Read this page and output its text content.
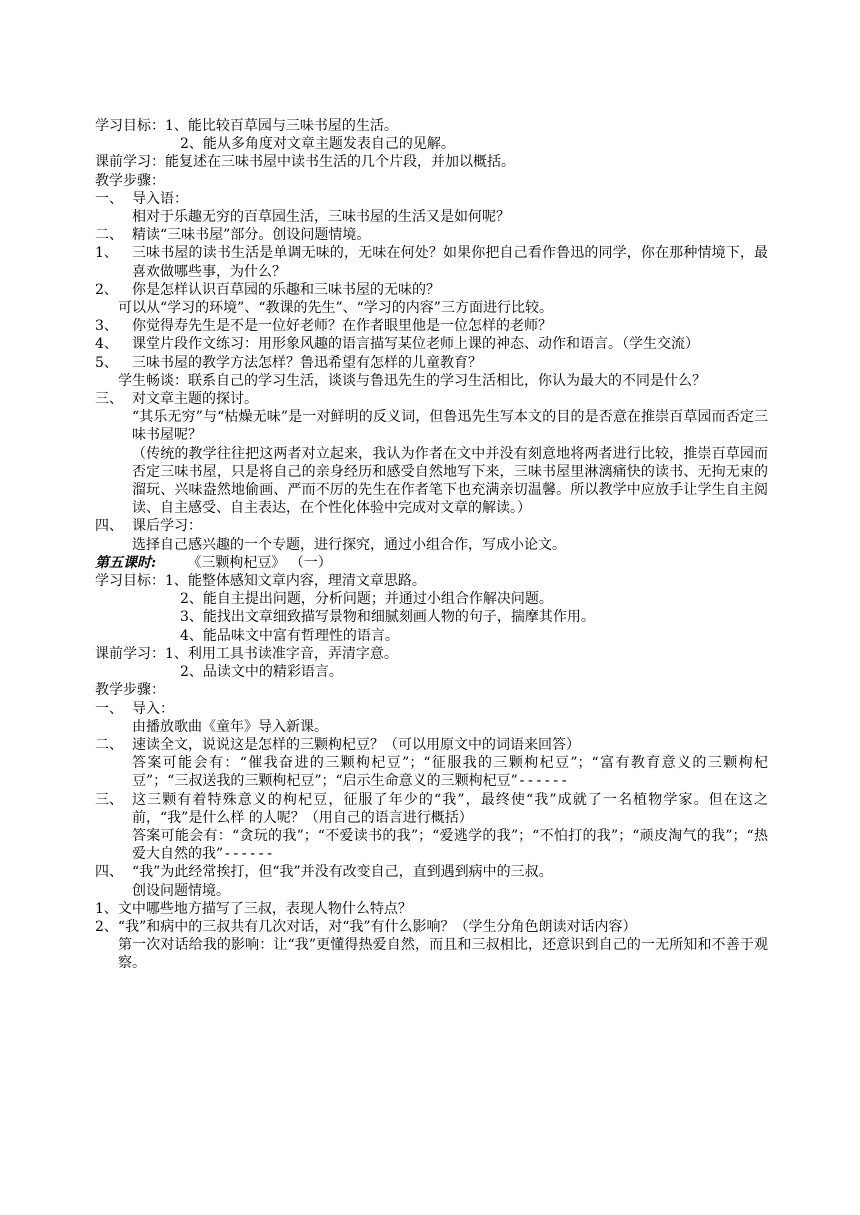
学习目标：1、能比较百草园与三味书屋的生活。
2、能从多角度对文章主题发表自己的见解。
课前学习：能复述在三味书屋中读书生活的几个片段，并加以概括。
教学步骤：
一、 导入语：
相对于乐趣无穷的百草园生活，三味书屋的生活又是如何呢？
二、 精读“三味书屋”部分。创设问题情境。
1、	三味书屋的读书生活是单调无味的，无味在何处？如果你把自己看作鲁迅的同学，你在那种情境下，最喜欢做哪些事，为什么？
2、	你是怎样认识百草园的乐趣和三味书屋的无味的？
可以从“学习的环境”、“教课的先生”、“学习的内容”三方面进行比较。
3、	你觉得寿先生是不是一位好老师？在作者眼里他是一位怎样的老师？
4、	课堂片段作文练习：用形象风趣的语言描写某位老师上课的神态、动作和语言。（学生交流）
5、	三味书屋的教学方法怎样？鲁迅希望有怎样的儿童教育？
学生畅谈：联系自己的学习生活，谈谈与鲁迅先生的学习生活相比，你认为最大的不同是什么？
三、 对文章主题的探讨。
“其乐无穷”与“枯燥无味”是一对鲜明的反义词，但鲁迅先生写本文的目的是否意在推崇百草园而否定三味书屋呢？
（传统的教学往往把这两者对立起来，我认为作者在文中并没有刻意地将两者进行比较，推崇百草园而否定三味书屋，只是将自己的亲身经历和感受自然地写下来，三味书屋里淋漓痛快的读书、无拘无束的溜玩、兴味盎然地偷画、严而不厉的先生在作者笔下也充满亲切温馨。所以教学中应放手让学生自主阅读、自主感受、自主表达，在个性化体验中完成对文章的解读。）
四、 课后学习：
选择自己感兴趣的一个专题，进行探究，通过小组合作，写成小论文。
第五课时: 《三颗枸杞豆》 （一）
学习目标：1、能整体感知文章内容，理清文章思路。
2、能自主提出问题，分析问题；并通过小组合作解决问题。
3、能找出文章细致描写景物和细腻刻画人物的句子，揣摩其作用。
4、能品味文中富有哲理性的语言。
课前学习：1、利用工具书读准字音，弄清字意。
2、品读文中的精彩语言。
教学步骤：
一、 导入：
由播放歌曲《童年》导入新课。
二、 速读全文，说说这是怎样的三颗枸杞豆？（可以用原文中的词语来回答）
答案可能会有：“催我奋进的三颗枸杞豆”；“征服我的三颗枸杞豆”；“富有教育意义的三颗枸杞豆”；“三叔送我的三颗枸杞豆”；“启示生命意义的三颗枸杞豆”------
三、 这三颗有着特殊意义的枸杞豆，征服了年少的“我”，最终使“我”成就了一名植物学家。但在这之前，“我”是什么样 的人呢？（用自己的语言进行概括）
答案可能会有：“贪玩的我”；“不爱读书的我”；“爱逃学的我”；“不怕打的我”；“顽皮淘气的我”；“热爱大自然的我”------
四、 “我”为此经常挨打，但“我”并没有改变自己，直到遇到病中的三叔。
创设问题情境。
1、文中哪些地方描写了三叔，表现人物什么特点？
2、“我”和病中的三叔共有几次对话，对“我”有什么影响？（学生分角色朗读对话内容）
第一次对话给我的影响：让“我”更懂得热爱自然，而且和三叔相比，还意识到自己的一无所知和不善于观察。
